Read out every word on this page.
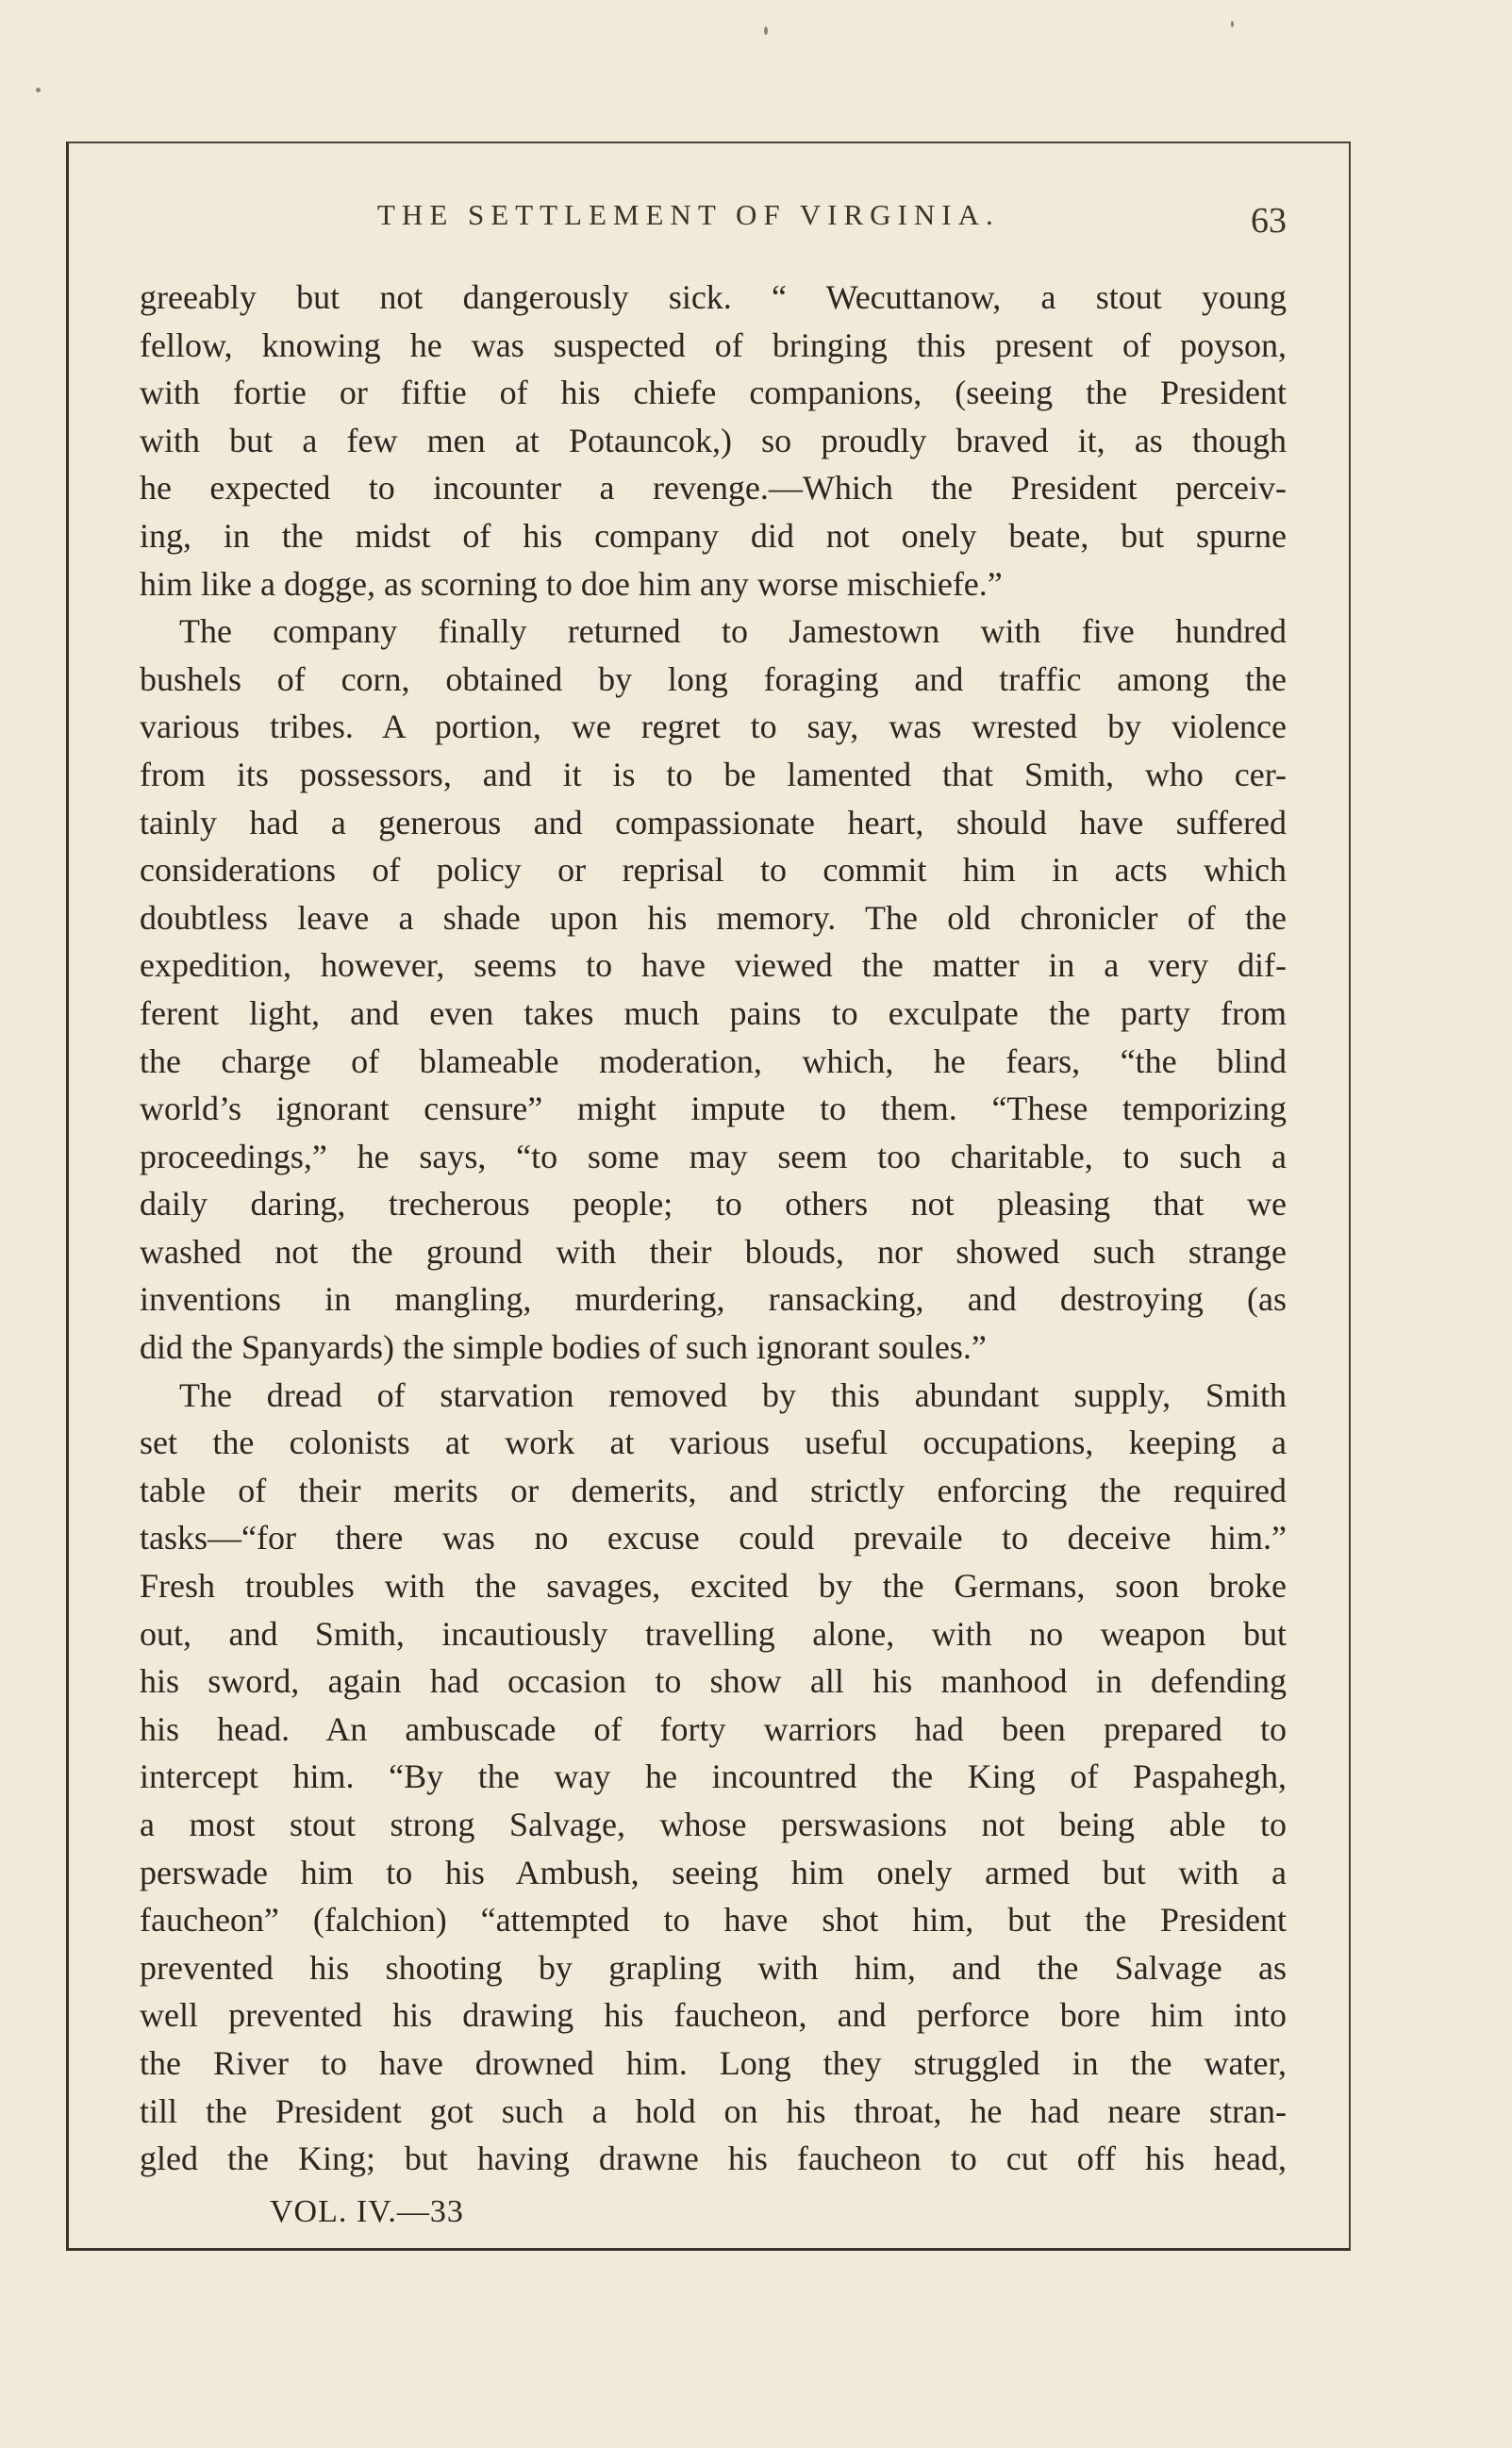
THE SETTLEMENT OF VIRGINIA.	63
greeably but not dangerously sick. “ Wecuttanow, a stout young
fellow, knowing he was suspected of bringing this present of poyson,
with fortie or fiftie of his chiefe companions, (seeing the President
with but a few men at Potauncok,) so proudly braved it, as though
he expected to incounter a revenge.—Which the President perceiv-
ing, in the midst of his company did not onely beate, but spurne
him like a dogge, as scorning to doe him any worse mischiefe.”
The company finally returned to Jamestown with five hundred
bushels of corn, obtained by long foraging and traffic among the
various tribes. A portion, we regret to say, was wrested by violence
from its possessors, and it is to be lamented that Smith, who cer-
tainly had a generous and compassionate heart, should have suffered
considerations of policy or reprisal to commit him in acts which
doubtless leave a shade upon his memory. The old chronicler of the
expedition, however, seems to have viewed the matter in a very dif-
ferent light, and even takes much pains to exculpate the party from
the charge of blameable moderation, which, he fears, “the blind
world’s ignorant censure” might impute to them. “These temporizing
proceedings,” he says, “to some may seem too charitable, to such a
daily daring, trecherous people; to others not pleasing that we
washed not the ground with their blouds, nor showed such strange
inventions in mangling, murdering, ransacking, and destroying (as
did the Spanyards) the simple bodies of such ignorant soules.”
The dread of starvation removed by this abundant supply, Smith
set the colonists at work at various useful occupations, keeping a
table of their merits or demerits, and strictly enforcing the required
tasks—“for there was no excuse could prevaile to deceive him.”
Fresh troubles with the savages, excited by the Germans, soon broke
out, and Smith, incautiously travelling alone, with no weapon but
his sword, again had occasion to show all his manhood in defending
his head. An ambuscade of forty warriors had been prepared to
intercept him. “By the way he incountred the King of Paspahegh,
a most stout strong Salvage, whose perswasions not being able to
perswade him to his Ambush, seeing him onely armed but with a
faucheon” (falchion) “attempted to have shot him, but the President
prevented his shooting by grapling with him, and the Salvage as
well prevented his drawing his faucheon, and perforce bore him into
the River to have drowned him. Long they struggled in the water,
till the President got such a hold on his throat, he had neare stran-
gled the King; but having drawne his faucheon to cut off his head,
VOL. IV.—33
